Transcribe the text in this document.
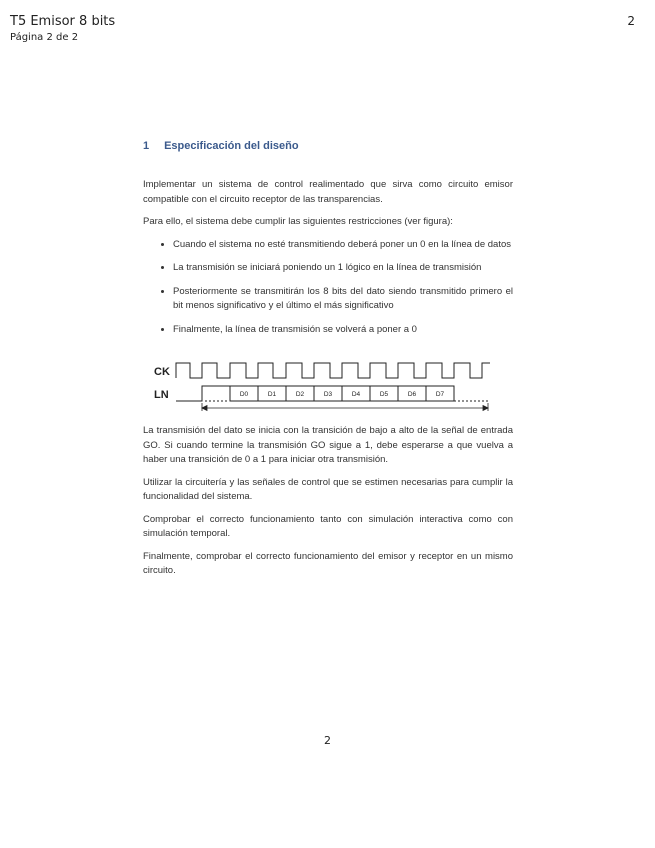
T5 Emisor 8 bits
Página 2 de 2
2
1 Especificación del diseño

Implementar un sistema de control realimentado que sirva como circuito emisor compatible con el circuito receptor de las transparencias.

Para ello, el sistema debe cumplir las siguientes restricciones (ver figura):

• Cuando el sistema no esté transmitiendo deberá poner un 0 en la línea de datos
• La transmisión se iniciará poniendo un 1 lógico en la línea de transmisión
• Posteriormente se transmitirán los 8 bits del dato siendo transmitido primero el bit menos significativo y el último el más significativo
• Finalmente, la línea de transmisión se volverá a poner a 0
CK
LN	D0	D1	D2	D3	D4	D5	D6	D7

La transmisión del dato se inicia con la transición de bajo a alto de la señal de entrada GO. Si cuando termine la transmisión GO sigue a 1, debe esperarse a que vuelva a haber una transición de 0 a 1 para iniciar otra transmisión.

Utilizar la circuitería y las señales de control que se estimen necesarias para cumplir la funcionalidad del sistema.

Comprobar el correcto funcionamiento tanto con simulación interactiva como con simulación temporal.

Finalmente, comprobar el correcto funcionamiento del emisor y receptor en un mismo circuito.

2
